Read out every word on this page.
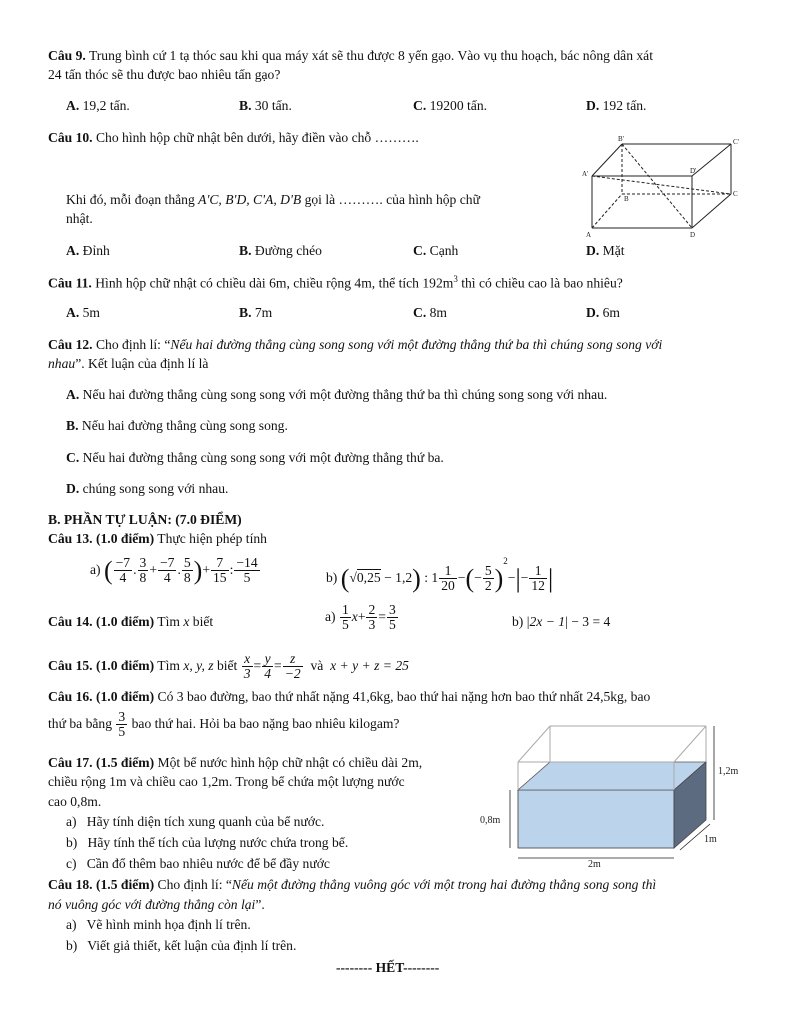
Câu 9. Trung bình cứ 1 tạ thóc sau khi qua máy xát sẽ thu được 8 yến gạo. Vào vụ thu hoạch, bác nông dân xát
24 tấn thóc sẽ thu được bao nhiêu tấn gạo?
A. 19,2 tấn.	B. 30 tấn.	C. 19200 tấn.	D. 192 tấn.
Câu 10. Cho hình hộp chữ nhật bên dưới, hãy điền vào chỗ ……….
Khi đó, mỗi đoạn thẳng A'C, B'D, C'A, D'B gọi là ………. của hình hộp chữ
nhật.
B'	C'
A'	D'
B
C
A	D
A. Đỉnh	B. Đường chéo	C. Cạnh	D. Mặt
Câu 11. Hình hộp chữ nhật có chiều dài 6m, chiều rộng 4m, thể tích $192m^3$ thì có chiều cao là bao nhiêu?
A. 5m	B. 7m	C. 8m	D. 6m
Câu 12. Cho định lí: “Nếu hai đường thẳng cùng song song với một đường thẳng thứ ba thì chúng song song với
nhau”. Kết luận của định lí là
A. Nếu hai đường thẳng cùng song song với một đường thẳng thứ ba thì chúng song song với nhau.
B. Nếu hai đường thẳng cùng song song.
C. Nếu hai đường thẳng cùng song song với một đường thẳng thứ ba.
D. chúng song song với nhau.
B. PHẦN TỰ LUẬN: (7.0 ĐIỂM)
Câu 13. (1.0 điểm) Thực hiện phép tính
a) ( $\frac{-7}{4}$ . $\frac{3}{8} + \frac{-7}{4}$ . $\frac{5}{8}$ )+ $\frac{7}{15}$ : $\frac{-14}{5}$	b) (√0,25 − 1,2) : $1 \frac{1}{20}$ −(− $\frac{5}{2} )^2-|- \frac{1}{12}$ |
Câu 14. (1.0 điểm) Tìm x biết	$a) \frac{1}{5} x+ \frac{2}{3} = \frac{3}{5}$	b) |2x − 1| − 3 = 4
Câu 15. (1.0 điểm) Tìm x, y, z biết $\frac{x}{3} = \frac{y}{4} = \frac{z}{-2}$ và x + y + z = 25
Câu 16. (1.0 điểm) Có 3 bao đường, bao thứ nhất nặng 41,6kg, bao thứ hai nặng hơn bao thứ nhất 24,5kg, bao
thứ ba bằng $\frac{3}{5}$ bao thứ hai. Hỏi ba bao nặng bao nhiêu kilogam?
Câu 17. (1.5 điểm) Một bể nước hình hộp chữ nhật có chiều dài 2m,
chiều rộng 1m và chiều cao 1,2m. Trong bể chứa một lượng nước
cao 0,8m.
a) Hãy tính diện tích xung quanh của bể nước.
b) Hãy tính thể tích của lượng nước chứa trong bể.
c) Cần đổ thêm bao nhiêu nước để bể đầy nước
1,2m
0,8m
1m
2m
Câu 18. (1.5 điểm) Cho định lí: “Nếu một đường thẳng vuông góc với một trong hai đường thẳng song song thì
nó vuông góc với đường thẳng còn lại”.
a) Vẽ hình minh họa định lí trên.
b) Viết giả thiết, kết luận của định lí trên.
-------- HẾT--------
